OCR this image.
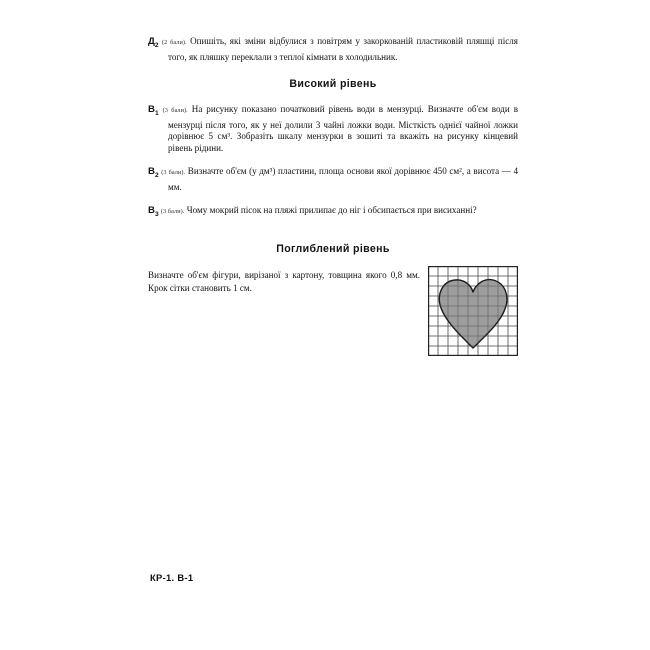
$Д_2$ (2 бали). Опишіть, які зміни відбулися з повітрям у закоркованій пластиковій пляшці після того, як пляшку переклали з теплої кімнати в холодильник.
Високий рівень
$В_1$ (3 бали). На рисунку показано початковий рівень води в мензурці. Визначте об'єм води в мензурці після того, як у неї долили 3 чайні ложки води. Місткість однієї чайної ложки дорівнює 5 см³. Зобразіть шкалу мензурки в зошиті та вкажіть на рисунку кінцевий рівень рідини.
$В_2$ (3 бали). Визначте об'єм (у дм³) пластини, площа основи якої дорівнює 450 см², а висота — 4 мм.
$В_3$ (3 бали). Чому мокрий пісок на пляжі прилипає до ніг і обсипається при висиханні?
Поглиблений рівень
Визначте об'єм фігури, вирізаної з картону, товщина якого 0,8 мм. Крок сітки становить 1 см.
КР-1. В-1
